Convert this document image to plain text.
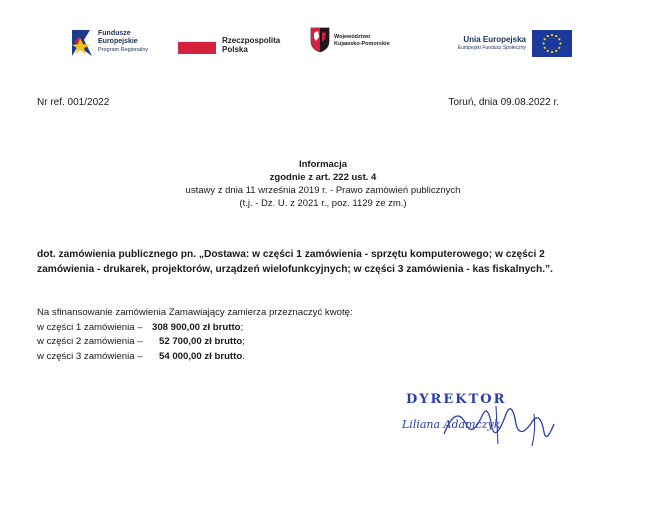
Fundusze
Europejskie
Program Regionalny
Rzeczpospolita
Polska
Województwo
Kujawsko-Pomorskie	Unia Europejska
Europejski Fundusz Społeczny
Nr ref. 001/2022	Toruń, dnia 09.08.2022 r.
Informacja
zgodnie z art. 222 ust. 4
ustawy z dnia 11 września 2019 r. - Prawo zamówień publicznych
(t.j. - Dz. U. z 2021 r., poz. 1129 ze zm.)
dot. zamówienia publicznego pn. „Dostawa: w części 1 zamówienia - sprzętu komputerowego; w części 2 zamówienia - drukarek, projektorów, urządzeń wielofunkcyjnych; w części 3 zamówienia - kas fiskalnych.”.
Na sfinansowanie zamówienia Zamawiający zamierza przeznaczyć kwotę:
w części 1 zamówienia – 308 900,00 zł brutto;
w części 2 zamówienia – 52 700,00 zł brutto;
w części 3 zamówienia – 54 000,00 zł brutto.
DYREKTOR
Liliana Adamczyk
